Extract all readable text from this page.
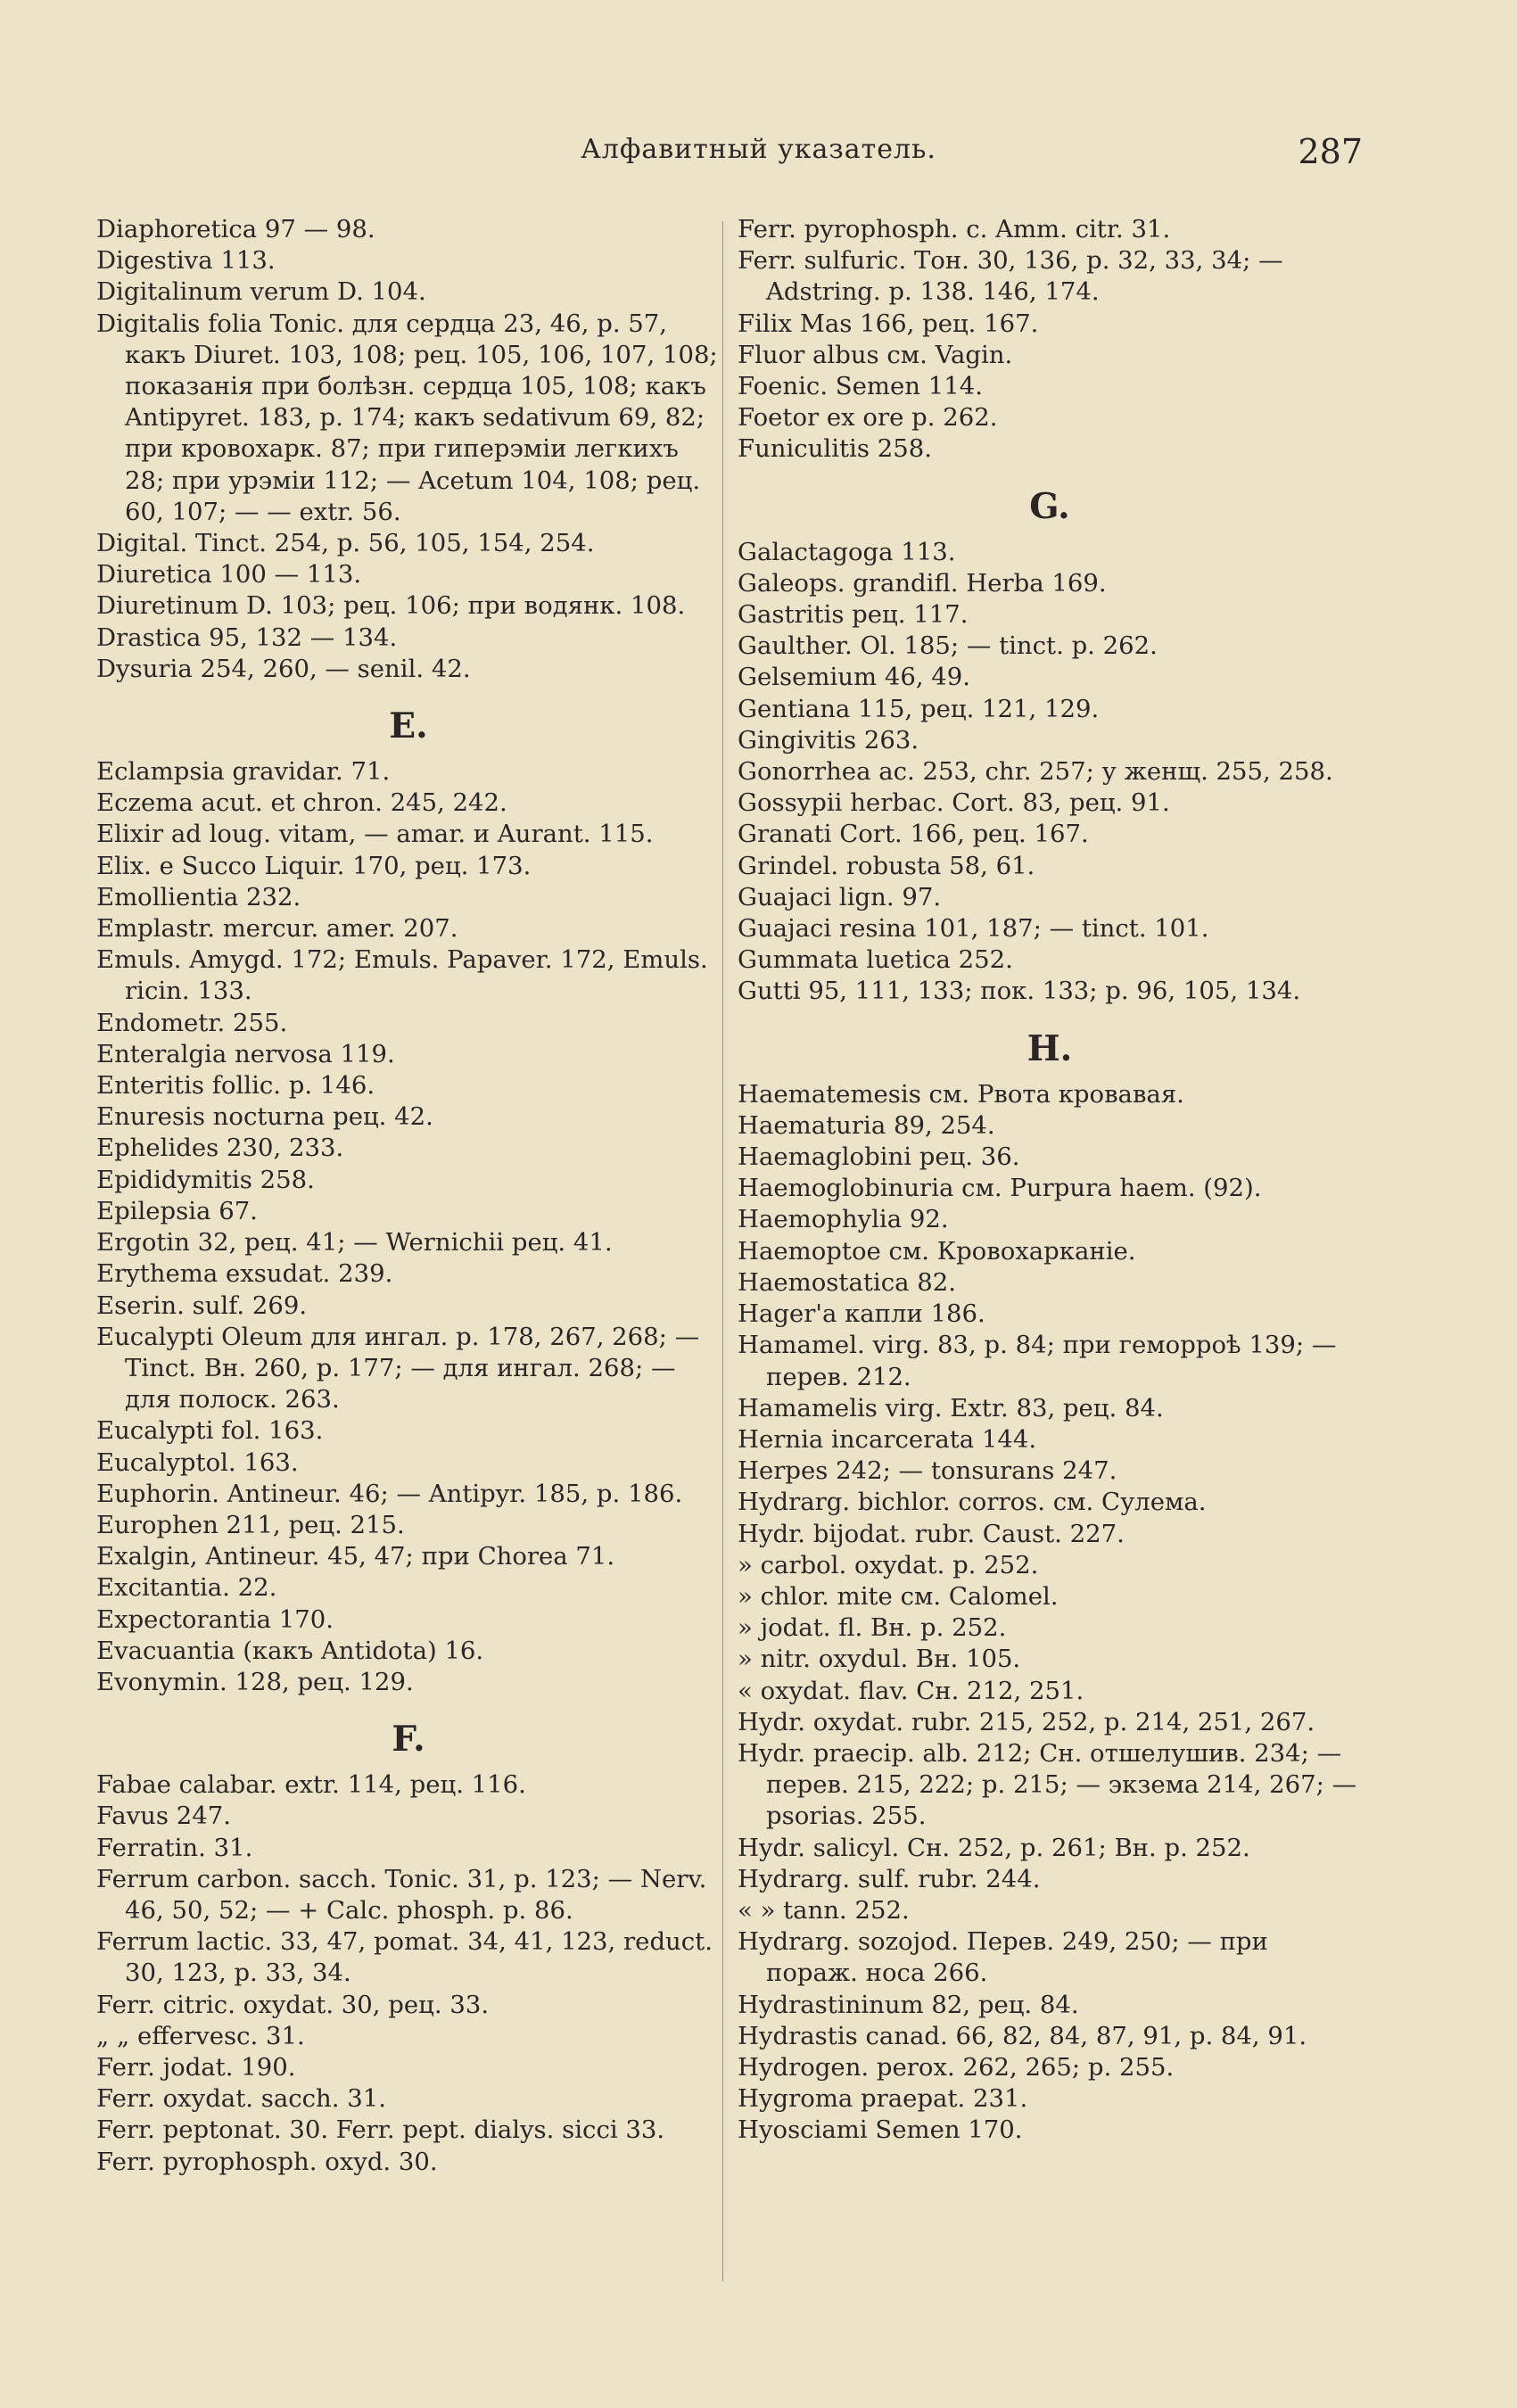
Алфавитный указатель.	287
Diaphoretica 97 — 98.
Digestiva 113.
Digitalinum verum D. 104.
Digitalis folia Tonic. для сердца 23, 46, р. 57, какъ Diuret. 103, 108; рец. 105, 106, 107, 108; показанія при болѣзн. сердца 105, 108; какъ Antipyret. 183, р. 174; какъ sedativum 69, 82; при кровохарк. 87; при гиперэміи легкихъ 28; при урэміи 112; — Acetum 104, 108; рец. 60, 107; — — extr. 56.
Digital. Tinct. 254, р. 56, 105, 154, 254.
Diuretica 100 — 113.
Diuretinum D. 103; рец. 106; при водянк. 108.
Drastica 95, 132 — 134.
Dysuria 254, 260, — senil. 42.
E.
Eclampsia gravidar. 71.
Eczema acut. et chron. 245, 242.
Elixir ad loug. vitam, — amar. и Aurant. 115.
Elix. e Succo Liquir. 170, рец. 173.
Emollientia 232.
Emplastr. mercur. amer. 207.
Emuls. Amygd. 172; Emuls. Papaver. 172, Emuls. ricin. 133.
Endometr. 255.
Enteralgia nervosa 119.
Enteritis follic. р. 146.
Enuresis nocturna рец. 42.
Ephelides 230, 233.
Epididymitis 258.
Epilepsia 67.
Ergotin 32, рец. 41; — Wernichii рец. 41.
Erythema exsudat. 239.
Eserin. sulf. 269.
Eucalypti Oleum для ингал. р. 178, 267, 268; — Tinct. Вн. 260, р. 177; — для ингал. 268; — для полоск. 263.
Eucalypti fol. 163.
Eucalyptol. 163.
Euphorin. Antineur. 46; — Antipyr. 185, р. 186.
Europhen 211, рец. 215.
Exalgin, Antineur. 45, 47; при Chorea 71.
Excitantia. 22.
Expectorantia 170.
Evacuantia (какъ Antidota) 16.
Evonymin. 128, рец. 129.
F.
Fabae calabar. extr. 114, рец. 116.
Favus 247.
Ferratin. 31.
Ferrum carbon. sacch. Tonic. 31, р. 123; — Nerv. 46, 50, 52; — + Calc. phosph. р. 86.
Ferrum lactic. 33, 47, pomat. 34, 41, 123, reduct. 30, 123, р. 33, 34.
Ferr. citric. oxydat. 30, рец. 33.
„ „ effervesc. 31.
Ferr. jodat. 190.
Ferr. oxydat. sacch. 31.
Ferr. peptonat. 30. Ferr. pept. dialys. sicci 33.
Ferr. pyrophosph. oxyd. 30.
Ferr. pyrophosph. c. Amm. citr. 31.
Ferr. sulfuric. Тон. 30, 136, р. 32, 33, 34; — Adstring. р. 138. 146, 174.
Filix Mas 166, рец. 167.
Fluor albus см. Vagin.
Foenic. Semen 114.
Foetor ex ore р. 262.
Funiculitis 258.
G.
Galactagoga 113.
Galeops. grandifl. Herba 169.
Gastritis рец. 117.
Gaulther. Ol. 185; — tinct. р. 262.
Gelsemium 46, 49.
Gentiana 115, рец. 121, 129.
Gingivitis 263.
Gonorrhea ac. 253, chr. 257; у женщ. 255, 258.
Gossypii herbac. Cort. 83, рец. 91.
Granati Cort. 166, рец. 167.
Grindel. robusta 58, 61.
Guajaci lign. 97.
Guajaci resina 101, 187; — tinct. 101.
Gummata luetica 252.
Gutti 95, 111, 133; пок. 133; р. 96, 105, 134.
H.
Haematemesis см. Рвота кровавая.
Haematuria 89, 254.
Haemaglobini рец. 36.
Haemoglobinuria см. Purpura haem. (92).
Haemophylia 92.
Haemoptoe см. Кровохарканіе.
Haemostatica 82.
Hager'а капли 186.
Hamamel. virg. 83, р. 84; при геморроѣ 139; — перев. 212.
Hamamelis virg. Extr. 83, рец. 84.
Hernia incarcerata 144.
Herpes 242; — tonsurans 247.
Hydrarg. bichlor. corros. см. Сулема.
Hydr. bijodat. rubr. Caust. 227.
» carbol. oxydat. р. 252.
» chlor. mite см. Calomel.
» jodat. fl. Вн. р. 252.
» nitr. oxydul. Вн. 105.
« oxydat. flav. Сн. 212, 251.
Hydr. oxydat. rubr. 215, 252, р. 214, 251, 267.
Hydr. praecip. alb. 212; Сн. отшелушив. 234; — перев. 215, 222; р. 215; — экзема 214, 267; — psorias. 255.
Hydr. salicyl. Сн. 252, р. 261; Вн. р. 252.
Hydrarg. sulf. rubr. 244.
« » tann. 252.
Hydrarg. sozojod. Перев. 249, 250; — при пораж. носа 266.
Hydrastininum 82, рец. 84.
Hydrastis canad. 66, 82, 84, 87, 91, р. 84, 91.
Hydrogen. perox. 262, 265; р. 255.
Hygroma praepat. 231.
Hyosciami Semen 170.
